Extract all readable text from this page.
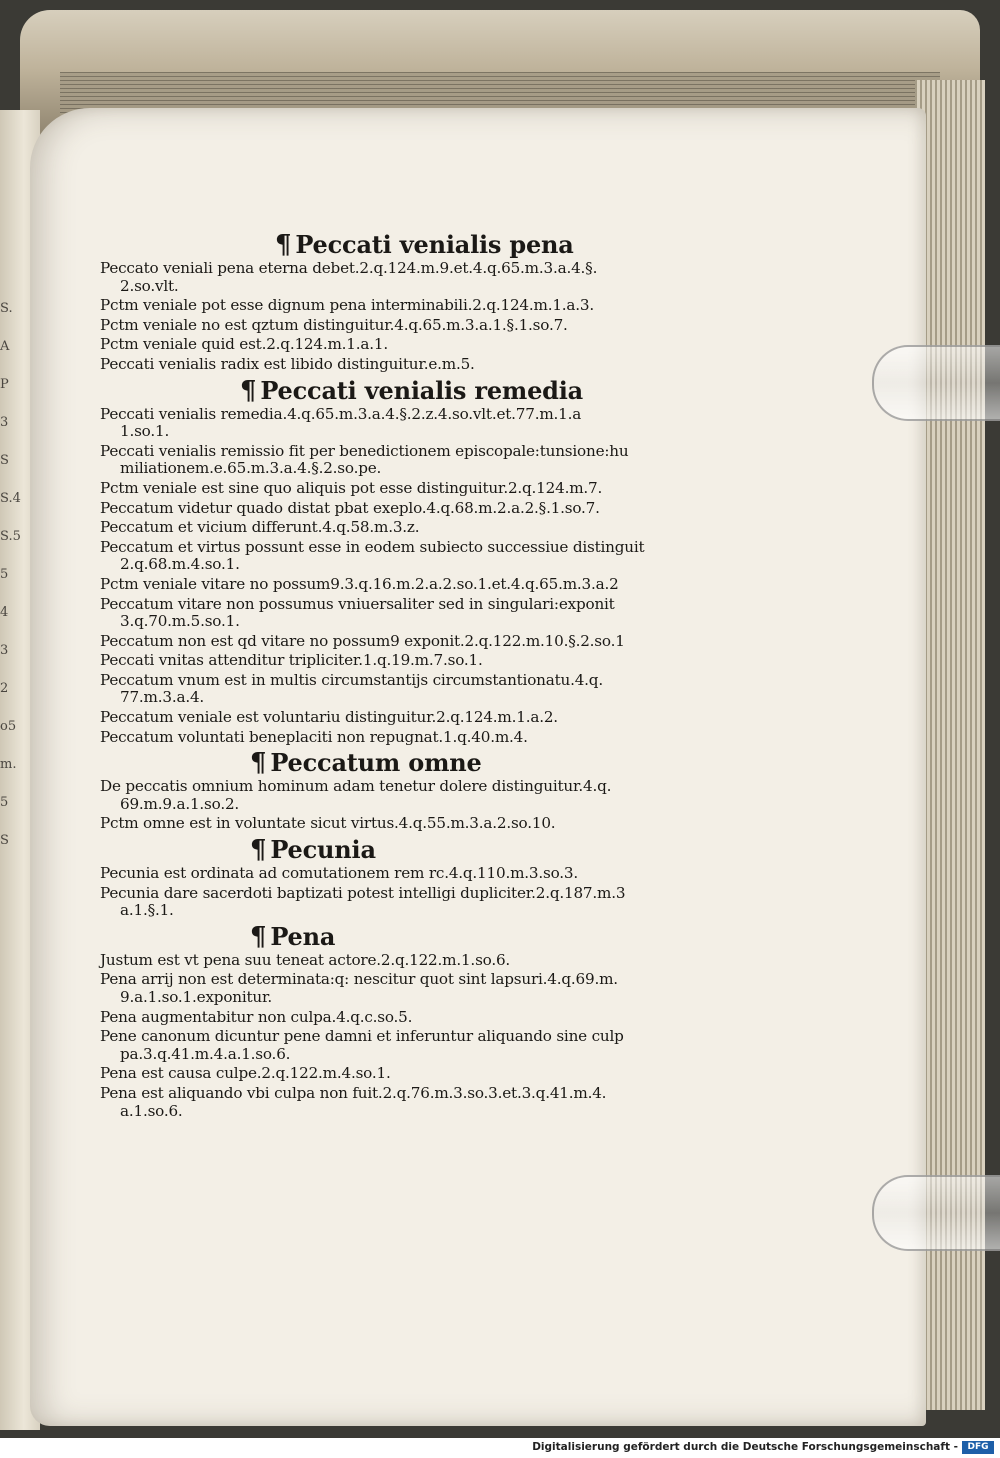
S.
A
P
3
S
S.4
S.5
5
4
3
2
o5
m.
5
S
¶ Peccati venialis pena
Peccato veniali pena eterna debet.2.q.124.m.9.et.4.q.65.m.3.a.4.§.
2.so.vlt.
Pctm veniale pot esse dignum pena interminabili.2.q.124.m.1.a.3.
Pctm veniale no est qztum distinguitur.4.q.65.m.3.a.1.§.1.so.7.
Pctm veniale quid est.2.q.124.m.1.a.1.
Peccati venialis radix est libido distinguitur.e.m.5.
¶ Peccati venialis remedia
Peccati venialis remedia.4.q.65.m.3.a.4.§.2.z.4.so.vlt.et.77.m.1.a
1.so.1.
Peccati venialis remissio fit per benedictionem episcopale:tunsione:hu
miliationem.e.65.m.3.a.4.§.2.so.pe.
Pctm veniale est sine quo aliquis pot esse distinguitur.2.q.124.m.7.
Peccatum videtur quado distat pbat exeplo.4.q.68.m.2.a.2.§.1.so.7.
Peccatum et vicium differunt.4.q.58.m.3.z.
Peccatum et virtus possunt esse in eodem subiecto successiue distinguit
2.q.68.m.4.so.1.
Pctm veniale vitare no possum9.3.q.16.m.2.a.2.so.1.et.4.q.65.m.3.a.2
Peccatum vitare non possumus vniuersaliter sed in singulari:exponit
3.q.70.m.5.so.1.
Peccatum non est qd vitare no possum9 exponit.2.q.122.m.10.§.2.so.1
Peccati vnitas attenditur tripliciter.1.q.19.m.7.so.1.
Peccatum vnum est in multis circumstantijs circumstantionatu.4.q.
77.m.3.a.4.
Peccatum veniale est voluntariu distinguitur.2.q.124.m.1.a.2.
Peccatum voluntati beneplaciti non repugnat.1.q.40.m.4.
¶ Peccatum omne
De peccatis omnium hominum adam tenetur dolere distinguitur.4.q.
69.m.9.a.1.so.2.
Pctm omne est in voluntate sicut virtus.4.q.55.m.3.a.2.so.10.
¶ Pecunia
Pecunia est ordinata ad comutationem rem rc.4.q.110.m.3.so.3.
Pecunia dare sacerdoti baptizati potest intelligi dupliciter.2.q.187.m.3
a.1.§.1.
¶ Pena
Justum est vt pena suu teneat actore.2.q.122.m.1.so.6.
Pena arrij non est determinata:q: nescitur quot sint lapsuri.4.q.69.m.
9.a.1.so.1.exponitur.
Pena augmentabitur non culpa.4.q.c.so.5.
Pene canonum dicuntur pene damni et inferuntur aliquando sine culp
pa.3.q.41.m.4.a.1.so.6.
Pena est causa culpe.2.q.122.m.4.so.1.
Pena est aliquando vbi culpa non fuit.2.q.76.m.3.so.3.et.3.q.41.m.4.
a.1.so.6.
Digitalisierung gefördert durch die Deutsche Forschungsgemeinschaft -	DFG
